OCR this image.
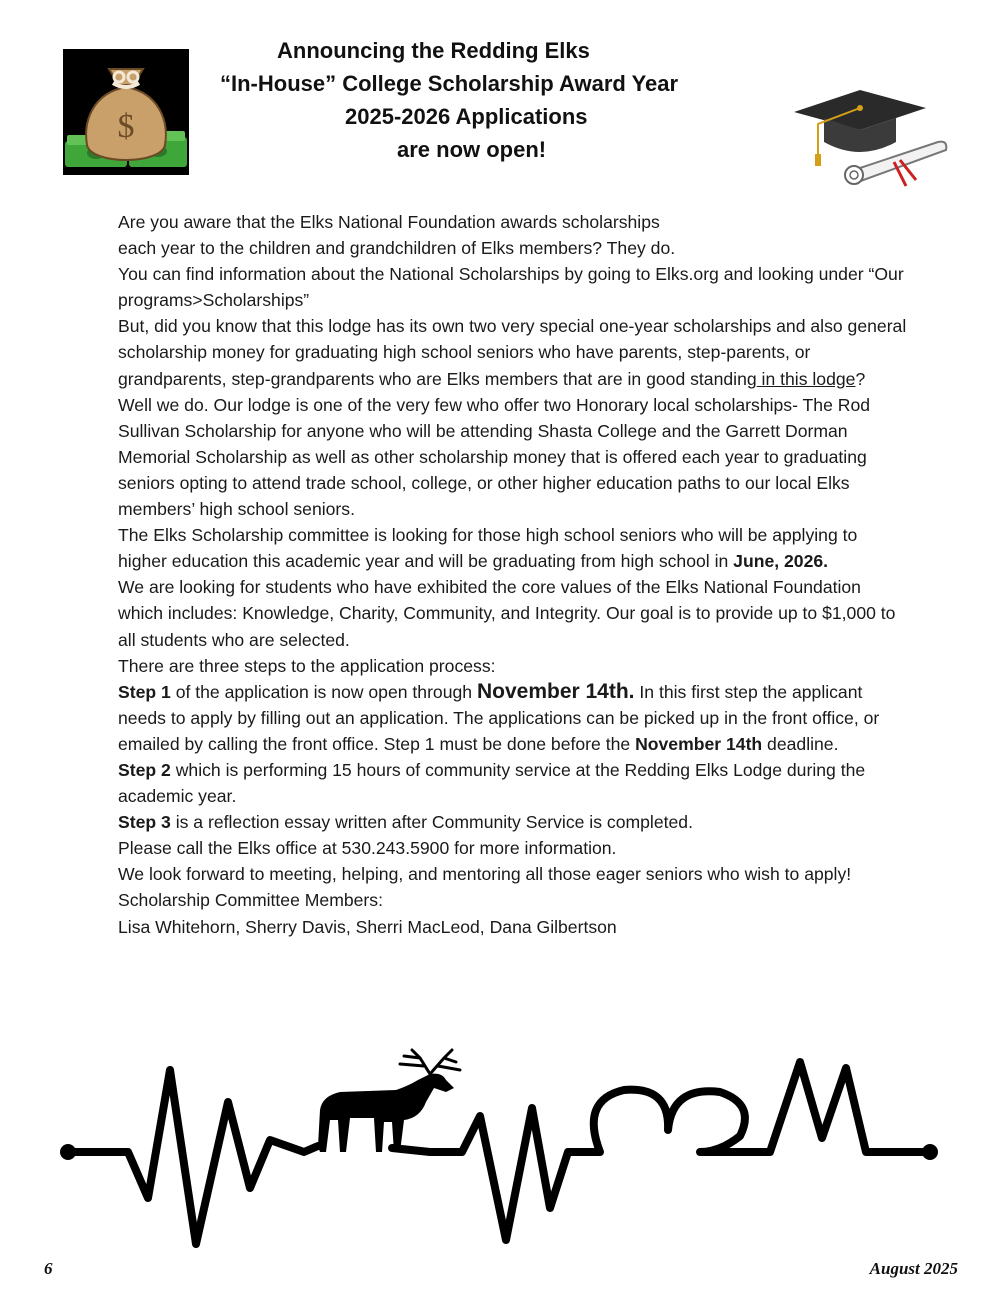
Announcing the Redding Elks
“In-House” College Scholarship Award Year
2025-2026 Applications
are now open!
$

Are you aware that the Elks National Foundation awards scholarships

each year to the children and grandchildren of Elks members? They do.

You can find information about the National Scholarships by going to Elks.org and looking under “Our programs>Scholarships”

But, did you know that this lodge has its own two very special one-year scholarships and also general scholarship money for graduating high school seniors who have parents, step-parents, or grandparents, step-grandparents who are Elks members that are in good standing in this lodge?

Well we do. Our lodge is one of the very few who offer two Honorary local scholarships- The Rod Sullivan Scholarship for anyone who will be attending Shasta College and the Garrett Dorman Memorial Scholarship as well as other scholarship money that is offered each year to graduating seniors opting to attend trade school, college, or other higher education paths to our local Elks members’ high school seniors.

The Elks Scholarship committee is looking for those high school seniors who will be applying to higher education this academic year and will be graduating from high school in June, 2026.

We are looking for students who have exhibited the core values of the Elks National Foundation which includes: Knowledge, Charity, Community, and Integrity. Our goal is to provide up to $1,000 to all students who are selected.

There are three steps to the application process:

Step 1 of the application is now open through November 14th. In this first step the applicant needs to apply by filling out an application. The applications can be picked up in the front office, or emailed by calling the front office. Step 1 must be done before the November 14th deadline.

Step 2 which is performing 15 hours of community service at the Redding Elks Lodge during the academic year.

Step 3 is a reflection essay written after Community Service is completed.

Please call the Elks office at 530.243.5900 for more information.

We look forward to meeting, helping, and mentoring all those eager seniors who wish to apply!

Scholarship Committee Members:

Lisa Whitehorn, Sherry Davis, Sherri MacLeod, Dana Gilbertson

6	August 2025
